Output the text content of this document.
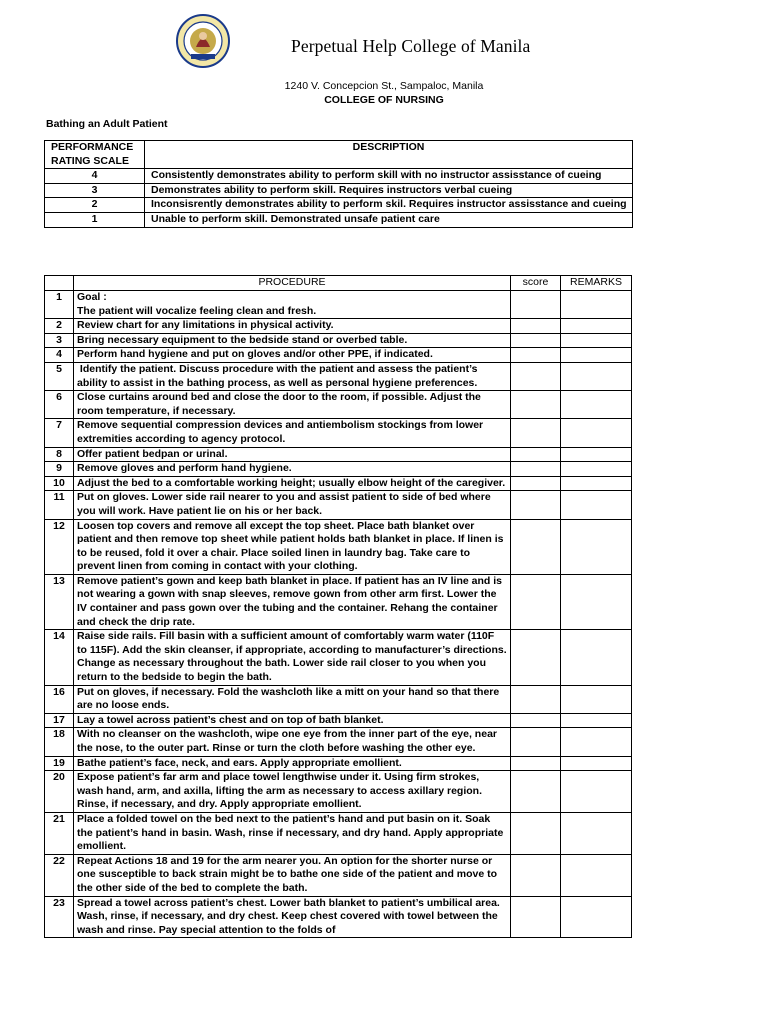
Perpetual Help College of Manila
1240 V. Concepcion St., Sampaloc, Manila
COLLEGE OF NURSING
Bathing an Adult Patient
PERFORMANCE RATING SCALE	DESCRIPTION
4	Consistently demonstrates ability to perform skill with no instructor assisstance of cueing
3	Demonstrates ability to perform skill. Requires instructors verbal cueing
2	Inconsisrently demonstrates ability to perform skil. Requires instructor assisstance and cueing
1	Unable to perform skill. Demonstrated unsafe patient care
	PROCEDURE	score	REMARKS
1	Goal :
The patient will vocalize feeling clean and fresh.		
2	Review chart for any limitations in physical activity.		
3	Bring necessary equipment to the bedside stand or overbed table.		
4	Perform hand hygiene and put on gloves and/or other PPE, if indicated.		
5	Identify the patient. Discuss procedure with the patient and assess the patient’s ability to assist in the bathing process, as well as personal hygiene preferences.		
6	Close curtains around bed and close the door to the room, if possible. Adjust the room temperature, if necessary.		
7	Remove sequential compression devices and antiembolism stockings from lower extremities according to agency protocol.		
8	Offer patient bedpan or urinal.		
9	Remove gloves and perform hand hygiene.		
10	Adjust the bed to a comfortable working height; usually elbow height of the caregiver.		
11	Put on gloves. Lower side rail nearer to you and assist patient to side of bed where you will work. Have patient lie on his or her back.		
12	Loosen top covers and remove all except the top sheet. Place bath blanket over patient and then remove top sheet while patient holds bath blanket in place. If linen is to be reused, fold it over a chair. Place soiled linen in laundry bag. Take care to prevent linen from coming in contact with your clothing.		
13	Remove patient’s gown and keep bath blanket in place. If patient has an IV line and is not wearing a gown with snap sleeves, remove gown from other arm first. Lower the IV container and pass gown over the tubing and the container. Rehang the container and check the drip rate.		
14	Raise side rails. Fill basin with a sufficient amount of comfortably warm water (110F to 115F). Add the skin cleanser, if appropriate, according to manufacturer’s directions. Change as necessary throughout the bath. Lower side rail closer to you when you return to the bedside to begin the bath.		
16	Put on gloves, if necessary. Fold the washcloth like a mitt on your hand so that there are no loose ends.		
17	Lay a towel across patient’s chest and on top of bath blanket.		
18	With no cleanser on the washcloth, wipe one eye from the inner part of the eye, near the nose, to the outer part. Rinse or turn the cloth before washing the other eye.		
19	Bathe patient’s face, neck, and ears. Apply appropriate emollient.		
20	Expose patient’s far arm and place towel lengthwise under it. Using firm strokes, wash hand, arm, and axilla, lifting the arm as necessary to access axillary region. Rinse, if necessary, and dry. Apply appropriate emollient.		
21	Place a folded towel on the bed next to the patient’s hand and put basin on it. Soak the patient’s hand in basin. Wash, rinse if necessary, and dry hand. Apply appropriate emollient.		
22	Repeat Actions 18 and 19 for the arm nearer you. An option for the shorter nurse or one susceptible to back strain might be to bathe one side of the patient and move to the other side of the bed to complete the bath.		
23	Spread a towel across patient’s chest. Lower bath blanket to patient’s umbilical area. Wash, rinse, if necessary, and dry chest. Keep chest covered with towel between the wash and rinse. Pay special attention to the folds of		
